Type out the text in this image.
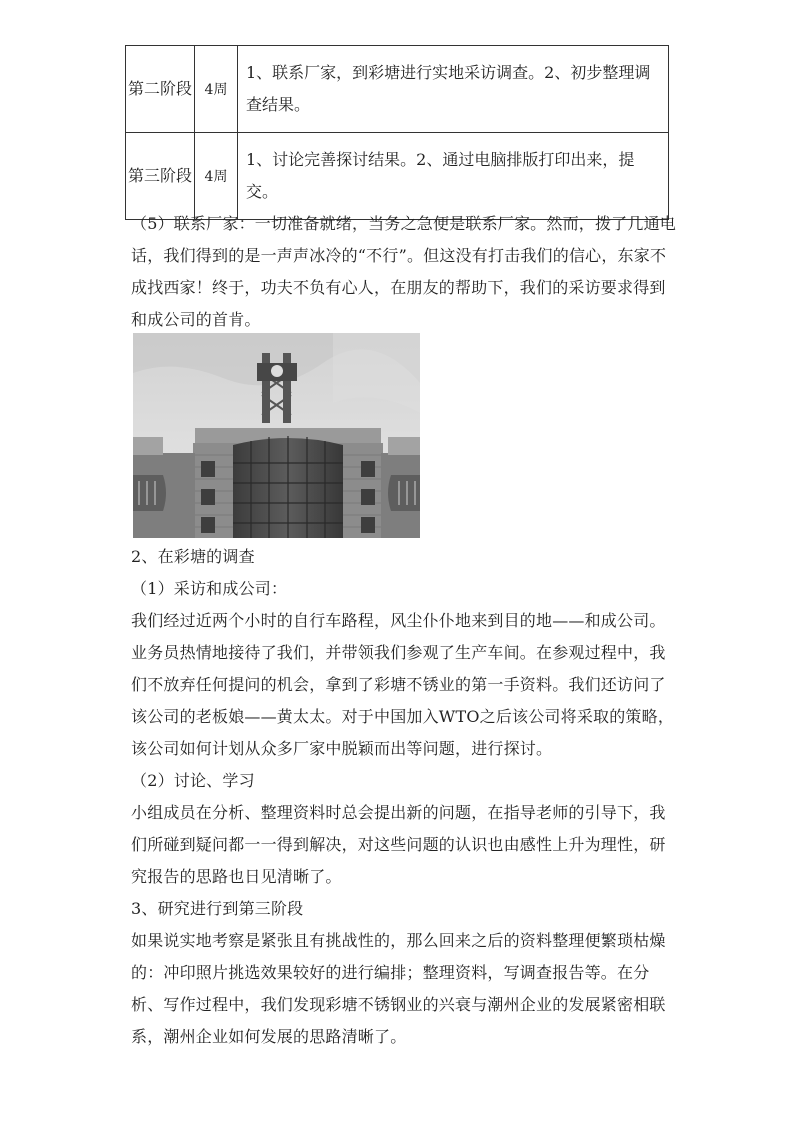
第二阶段	4周	1、联系厂家，到彩塘进行实地采访调查。2、初步整理调查结果。
第三阶段	4周	1、讨论完善探讨结果。2、通过电脑排版打印出来，提交。

（5）联系厂家：一切准备就绪，当务之急便是联系厂家。然而，拨了几通电话，我们得到的是一声声冰冷的“不行”。但这没有打击我们的信心，东家不成找西家！终于，功夫不负有心人，在朋友的帮助下，我们的采访要求得到和成公司的首肯。

2、在彩塘的调查

（1）采访和成公司：

我们经过近两个小时的自行车路程，风尘仆仆地来到目的地——和成公司。业务员热情地接待了我们，并带领我们参观了生产车间。在参观过程中，我们不放弃任何提问的机会，拿到了彩塘不锈业的第一手资料。我们还访问了该公司的老板娘——黄太太。对于中国加入WTO之后该公司将采取的策略，该公司如何计划从众多厂家中脱颖而出等问题，进行探讨。

（2）讨论、学习

小组成员在分析、整理资料时总会提出新的问题，在指导老师的引导下，我们所碰到疑问都一一得到解决，对这些问题的认识也由感性上升为理性，研究报告的思路也日见清晰了。

3、研究进行到第三阶段

如果说实地考察是紧张且有挑战性的，那么回来之后的资料整理便繁琐枯燥的：冲印照片挑选效果较好的进行编排；整理资料，写调查报告等。在分析、写作过程中，我们发现彩塘不锈钢业的兴衰与潮州企业的发展紧密相联系，潮州企业如何发展的思路清晰了。
